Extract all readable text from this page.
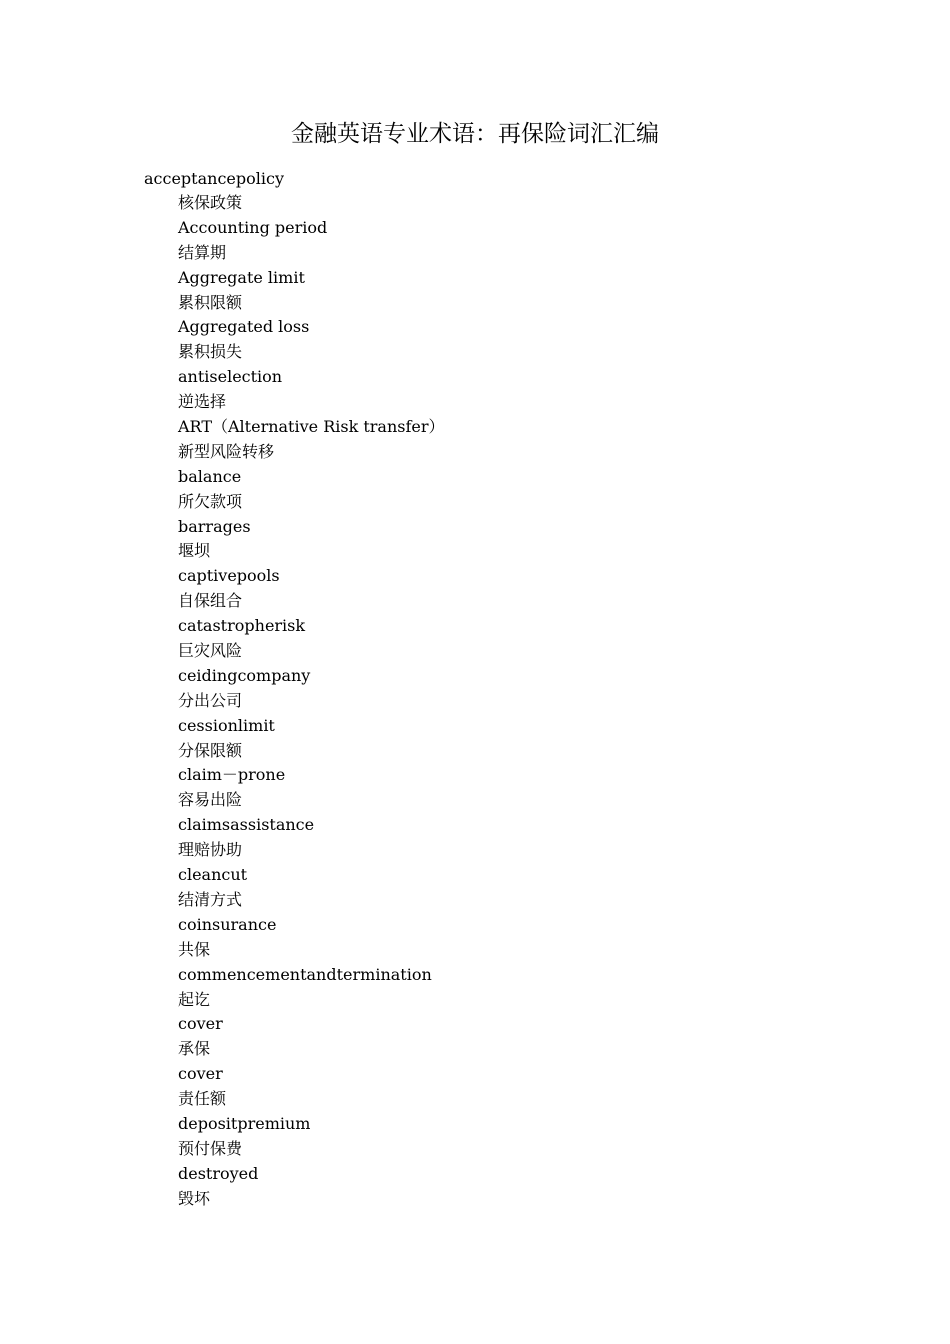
金融英语专业术语：再保险词汇汇编

acceptancepolicy

核保政策
Accounting period
结算期
Aggregate limit
累积限额
Aggregated loss
累积损失
antiselection
逆选择
ART（Alternative Risk transfer）
新型风险转移
balance
所欠款项
barrages
堰坝
captivepools
自保组合
catastropherisk
巨灾风险
ceidingcompany
分出公司
cessionlimit
分保限额
claim－prone
容易出险
claimsassistance
理赔协助
cleancut
结清方式
coinsurance
共保
commencementandtermination
起讫
cover
承保
cover
责任额
depositpremium
预付保费
destroyed
毁坏
